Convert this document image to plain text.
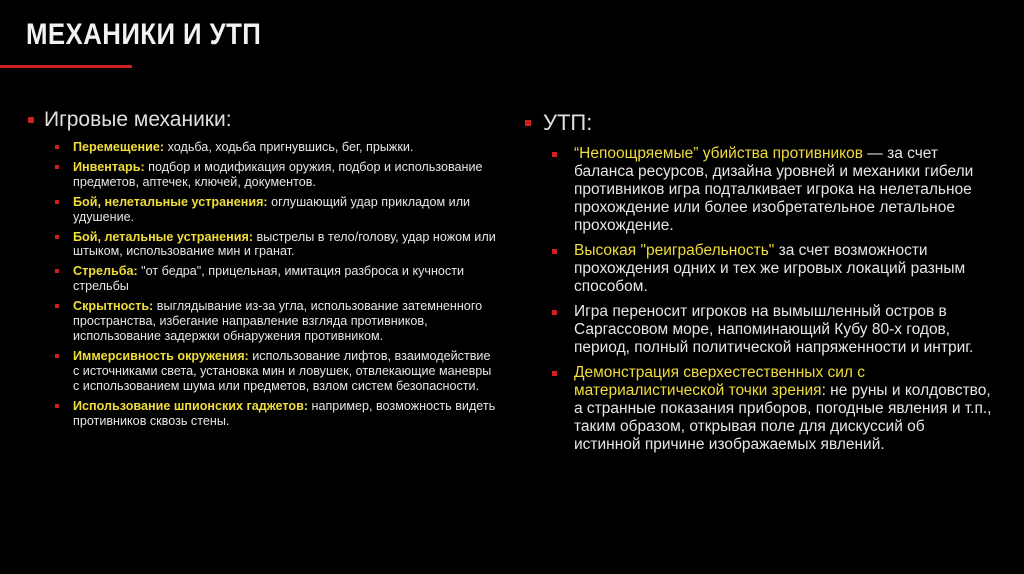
МЕХАНИКИ И УТП
Игровые механики:
Перемещение: ходьба, ходьба пригнувшись, бег, прыжки.
Инвентарь: подбор и модификация оружия, подбор и использование предметов, аптечек, ключей, документов.
Бой, нелетальные устранения: оглушающий удар прикладом или удушение.
Бой, летальные устранения: выстрелы в тело/голову, удар ножом или штыком, использование мин и гранат.
Стрельба: "от бедра", прицельная, имитация разброса и кучности стрельбы
Скрытность: выглядывание из-за угла, использование затемненного пространства, избегание направление взгляда противников, использование задержки обнаружения противником.
Иммерсивность окружения: использование лифтов, взаимодействие с источниками света, установка мин и ловушек, отвлекающие маневры с использованием шума или предметов, взлом систем безопасности.
Использование шпионских гаджетов: например, возможность видеть противников сквозь стены.
УТП:
“Непоощряемые” убийства противников — за счет баланса ресурсов, дизайна уровней и механики гибели противников игра подталкивает игрока на нелетальное прохождение или более изобретательное летальное прохождение.
Высокая "реиграбельность" за счет возможности прохождения одних и тех же игровых локаций разным способом.
Игра переносит игроков на вымышленный остров в Саргассовом море, напоминающий Кубу 80-х годов, период, полный политической напряженности и интриг.
Демонстрация сверхестественных сил с материалистической точки зрения: не руны и колдовство, а странные показания приборов, погодные явления и т.п., таким образом, открывая поле для дискуссий об истинной причине изображаемых явлений.
